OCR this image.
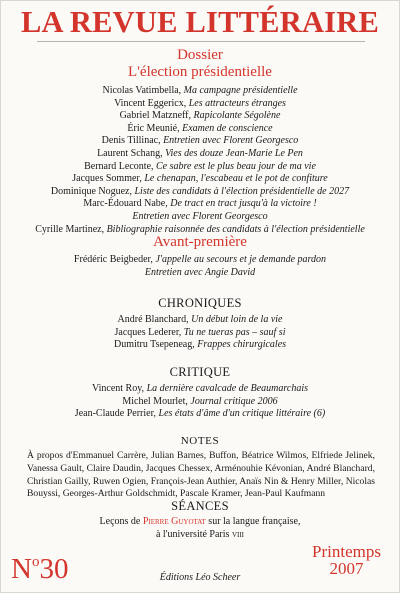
LA REVUE LITTÉRAIRE
Dossier
L'élection présidentielle
Nicolas Vatimbella, Ma campagne présidentielle
Vincent Eggericx, Les attracteurs étranges
Gabriel Matzneff, Rapicolante Ségolène
Éric Meunié, Examen de conscience
Denis Tillinac, Entretien avec Florent Georgesco
Laurent Schang, Vies des douze Jean-Marie Le Pen
Bernard Leconte, Ce sabre est le plus beau jour de ma vie
Jacques Sommer, Le chenapan, l'escabeau et le pot de confiture
Dominique Noguez, Liste des candidats à l'élection présidentielle de 2027
Marc-Édouard Nabe, De tract en tract jusqu'à la victoire !
Entretien avec Florent Georgesco
Cyrille Martinez, Bibliographie raisonnée des candidats à l'élection présidentielle
Avant-première
Frédéric Beigbeder, J'appelle au secours et je demande pardon
Entretien avec Angie David
CHRONIQUES
André Blanchard, Un début loin de la vie
Jacques Lederer, Tu ne tueras pas – sauf si
Dumitru Tsepeneag, Frappes chirurgicales
CRITIQUE
Vincent Roy, La dernière cavalcade de Beaumarchais
Michel Mourlet, Journal critique 2006
Jean-Claude Perrier, Les états d'âme d'un critique littéraire (6)
NOTES
À propos d'Emmanuel Carrère, Julian Barnes, Buffon, Béatrice Wilmos, Elfriede Jelinek, Vanessa Gault, Claire Daudin, Jacques Chessex, Arménouhie Kévonian, André Blanchard, Christian Gailly, Ruwen Ogien, François-Jean Authier, Anaïs Nin & Henry Miller, Nicolas Bouyssi, Georges-Arthur Goldschmidt, Pascale Kramer, Jean-Paul Kaufmann
SÉANCES
Leçons de Pierre Guyotat sur la langue française,
à l'université Paris viii
$N^o30$
Printemps
2007
Éditions Léo Scheer
